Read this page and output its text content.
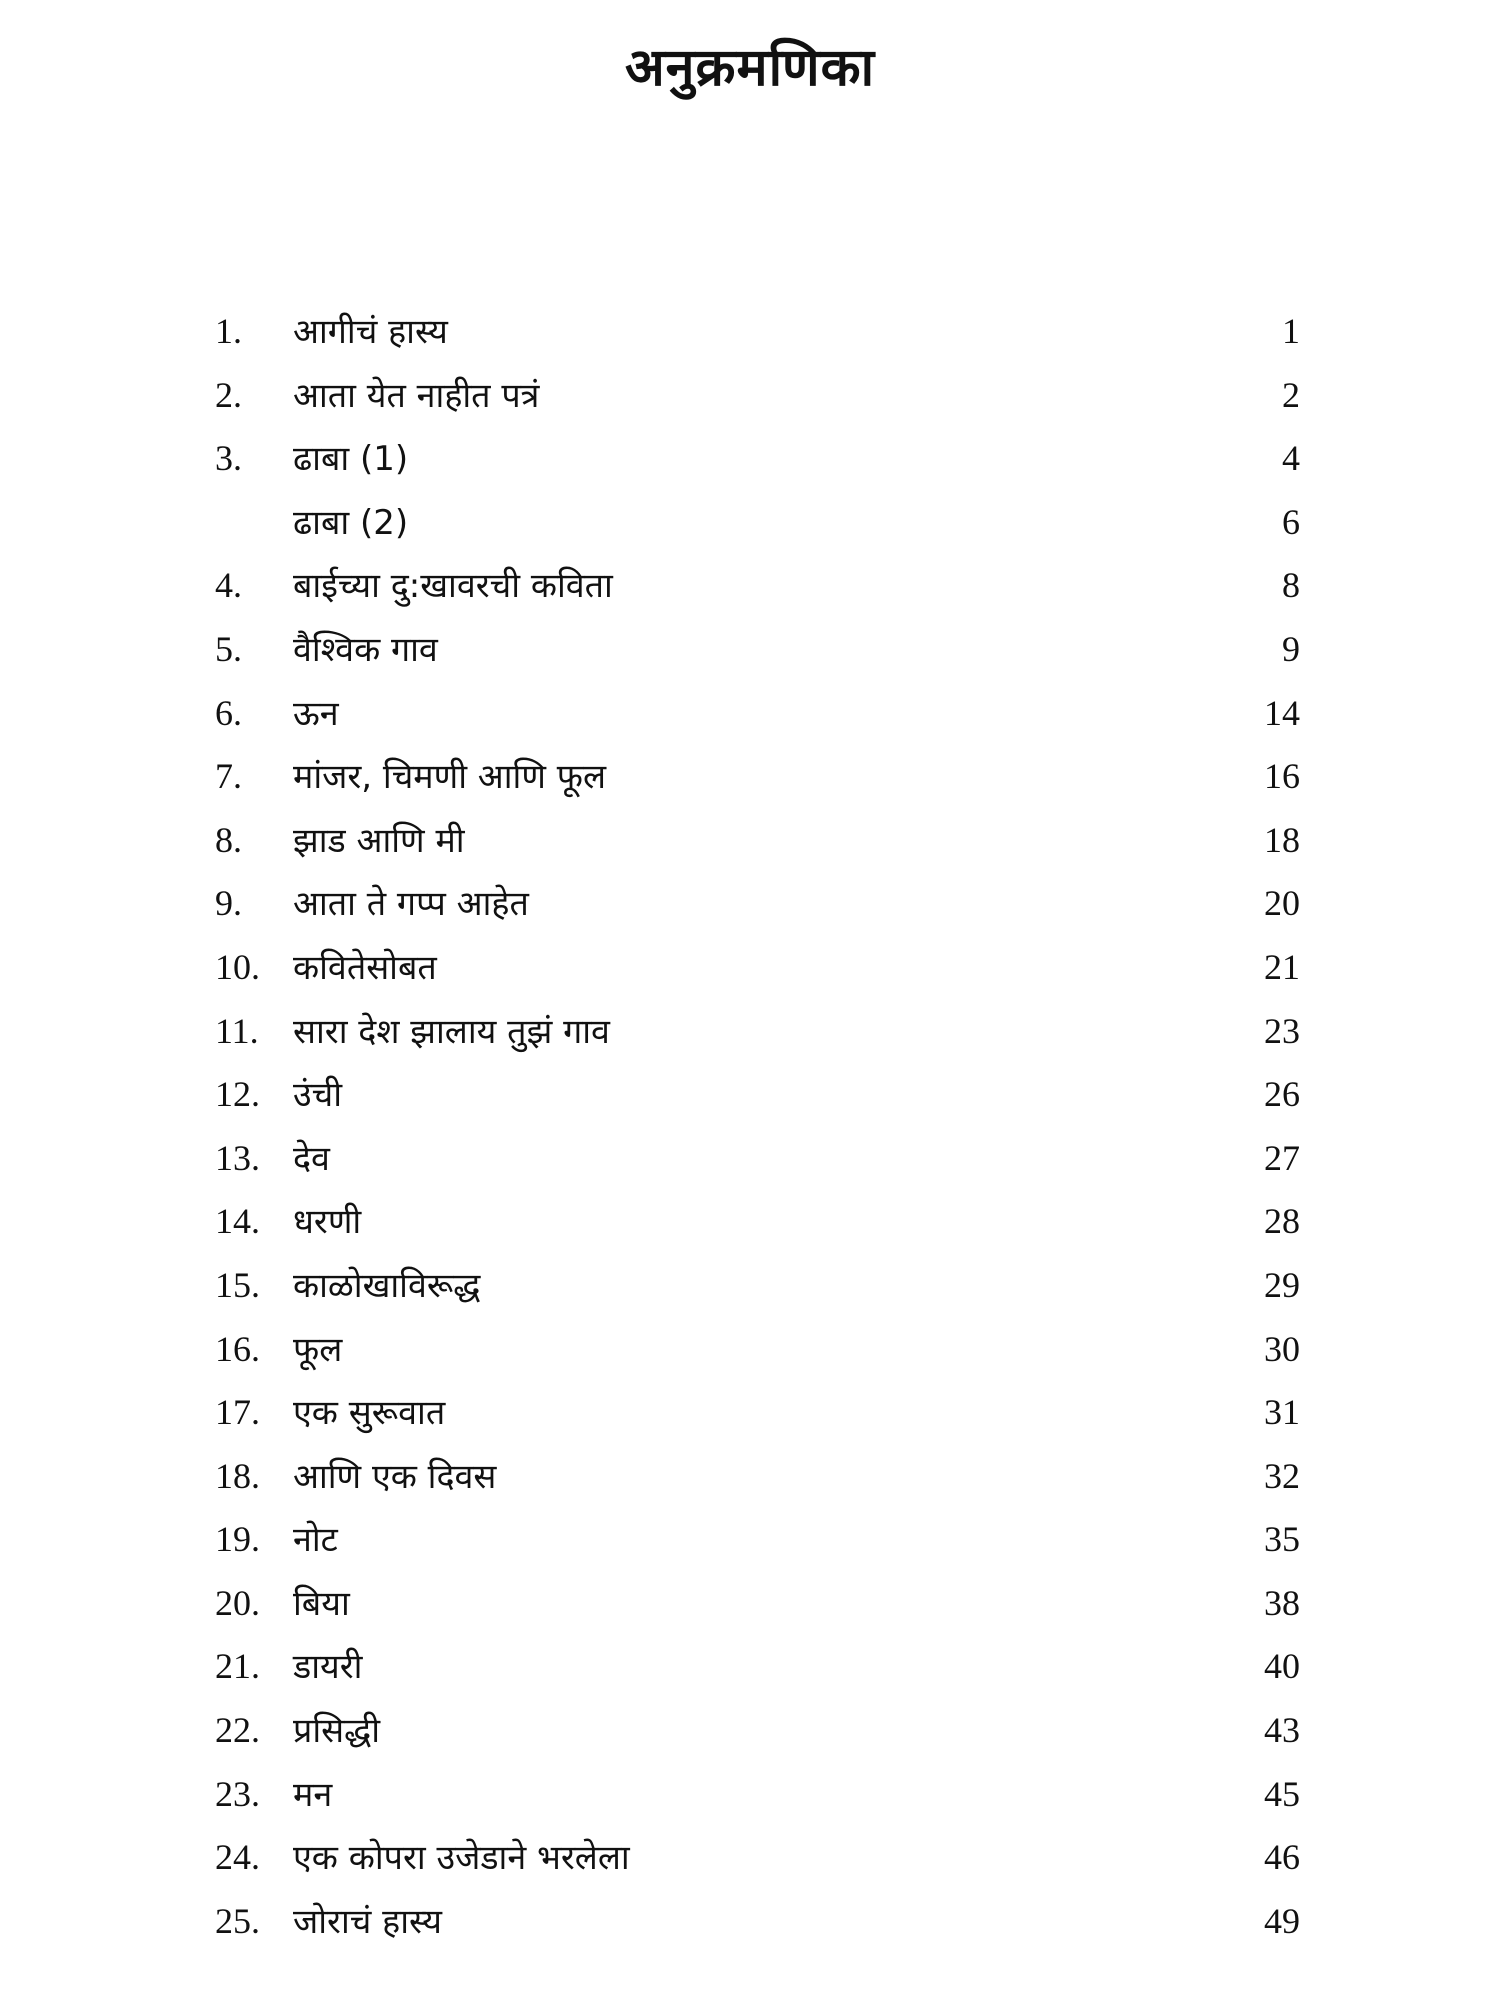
अनुक्रमणिका
1.	आगीचं हास्य	1
2.	आता येत नाहीत पत्रं	2
3.	ढाबा (1)	4
ढाबा (2)	6
4.	बाईच्या दु:खावरची कविता	8
5.	वैश्विक गाव	9
6.	ऊन	14
7.	मांजर, चिमणी आणि फूल	16
8.	झाड आणि मी	18
9.	आता ते गप्प आहेत	20
10. कवितेसोबत	21
11.	सारा देश झालाय तुझं गाव	23
12. उंची	26
13. देव	27
14. धरणी	28
15. काळोखाविरूद्ध	29
16. फूल	30
17. एक सुरूवात	31
18. आणि एक दिवस	32
19. नोट	35
20. बिया	38
21. डायरी	40
22. प्रसिद्धी	43
23. मन	45
24. एक कोपरा उजेडाने भरलेला	46
25. जोराचं हास्य	49
